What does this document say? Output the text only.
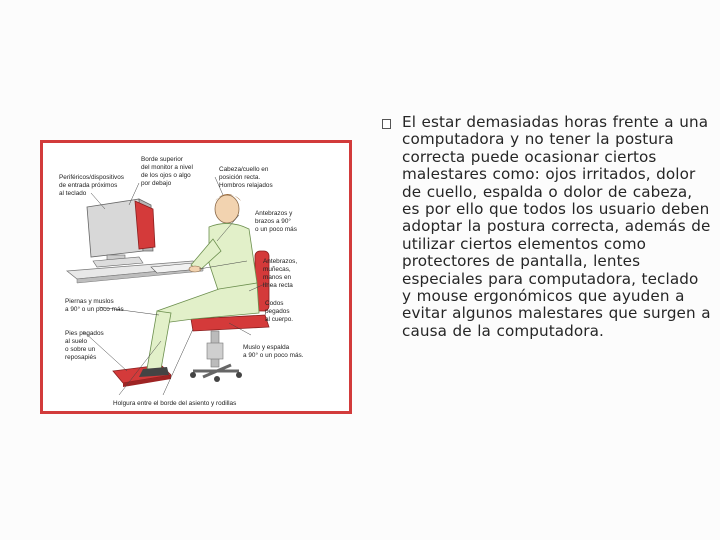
Borde superior
del monitor a nivel
de los ojos o algo
por debajo
Periféricos/dispositivos
de entrada próximos
al teclado
Cabeza/cuello en
posición recta.
Hombros relajados
Antebrazos y
brazos a 90°
o un poco más
Antebrazos,
muñecas,
manos en
línea recta
Piernas y muslos
a 90° o un poco más
Codos
pegados
al cuerpo.
Pies pegados
al suelo
o sobre un
reposapiés
Muslo y espalda
a 90° o un poco más.
Holgura entre el borde del asiento y rodillas

El estar demasiadas horas frente a una computadora y no tener la postura correcta puede ocasionar ciertos malestares como: ojos irritados, dolor de cuello, espalda o dolor de cabeza, es por ello que todos los usuario deben adoptar la postura correcta, además de utilizar ciertos elementos como protectores de pantalla, lentes especiales para computadora, teclado y mouse ergonómicos que ayuden a evitar algunos malestares que surgen a causa de la computadora.
